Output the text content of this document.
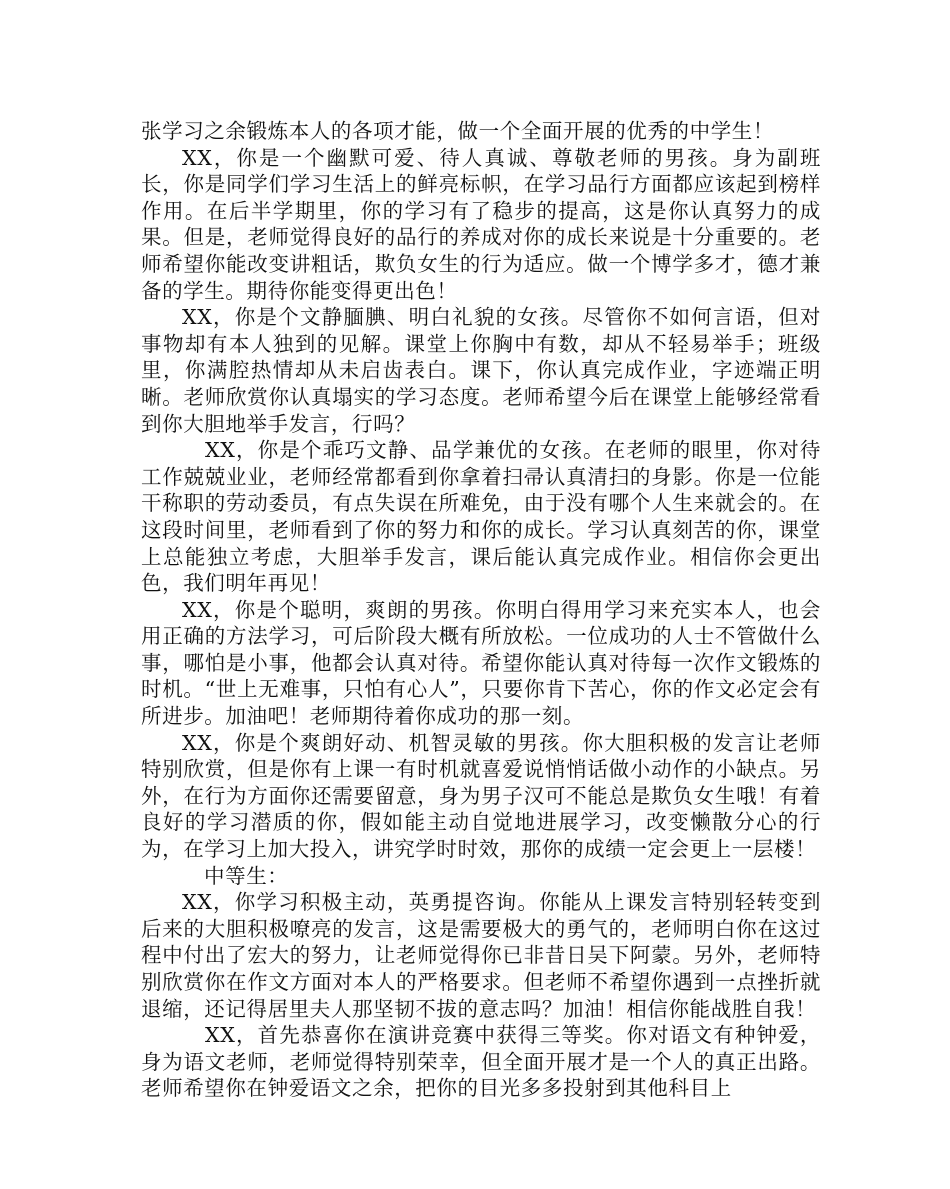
张学习之余锻炼本人的各项才能，做一个全面开展的优秀的中学生！

XX，你是一个幽默可爱、待人真诚、尊敬老师的男孩。身为副班长，你是同学们学习生活上的鲜亮标帜，在学习品行方面都应该起到榜样作用。在后半学期里，你的学习有了稳步的提高，这是你认真努力的成果。但是，老师觉得良好的品行的养成对你的成长来说是十分重要的。老师希望你能改变讲粗话，欺负女生的行为适应。做一个博学多才，德才兼备的学生。期待你能变得更出色！

XX，你是个文静腼腆、明白礼貌的女孩。尽管你不如何言语，但对事物却有本人独到的见解。课堂上你胸中有数，却从不轻易举手；班级里，你满腔热情却从未启齿表白。课下，你认真完成作业，字迹端正明晰。老师欣赏你认真塌实的学习态度。老师希望今后在课堂上能够经常看到你大胆地举手发言，行吗？

XX，你是个乖巧文静、品学兼优的女孩。在老师的眼里，你对待工作兢兢业业，老师经常都看到你拿着扫帚认真清扫的身影。你是一位能干称职的劳动委员，有点失误在所难免，由于没有哪个人生来就会的。在这段时间里，老师看到了你的努力和你的成长。学习认真刻苦的你，课堂上总能独立考虑，大胆举手发言，课后能认真完成作业。相信你会更出色，我们明年再见！

XX，你是个聪明，爽朗的男孩。你明白得用学习来充实本人，也会用正确的方法学习，可后阶段大概有所放松。一位成功的人士不管做什么事，哪怕是小事，他都会认真对待。希望你能认真对待每一次作文锻炼的时机。“世上无难事，只怕有心人”，只要你肯下苦心，你的作文必定会有所进步。加油吧！老师期待着你成功的那一刻。

XX，你是个爽朗好动、机智灵敏的男孩。你大胆积极的发言让老师特别欣赏，但是你有上课一有时机就喜爱说悄悄话做小动作的小缺点。另外，在行为方面你还需要留意，身为男子汉可不能总是欺负女生哦！有着良好的学习潜质的你，假如能主动自觉地进展学习，改变懒散分心的行为，在学习上加大投入，讲究学时时效，那你的成绩一定会更上一层楼！

中等生：

XX，你学习积极主动，英勇提咨询。你能从上课发言特别轻转变到后来的大胆积极嘹亮的发言，这是需要极大的勇气的，老师明白你在这过程中付出了宏大的努力，让老师觉得你已非昔日吴下阿蒙。另外，老师特别欣赏你在作文方面对本人的严格要求。但老师不希望你遇到一点挫折就退缩，还记得居里夫人那坚韧不拔的意志吗？加油！相信你能战胜自我！

XX，首先恭喜你在演讲竞赛中获得三等奖。你对语文有种钟爱，身为语文老师，老师觉得特别荣幸，但全面开展才是一个人的真正出路。老师希望你在钟爱语文之余，把你的目光多多投射到其他科目上
